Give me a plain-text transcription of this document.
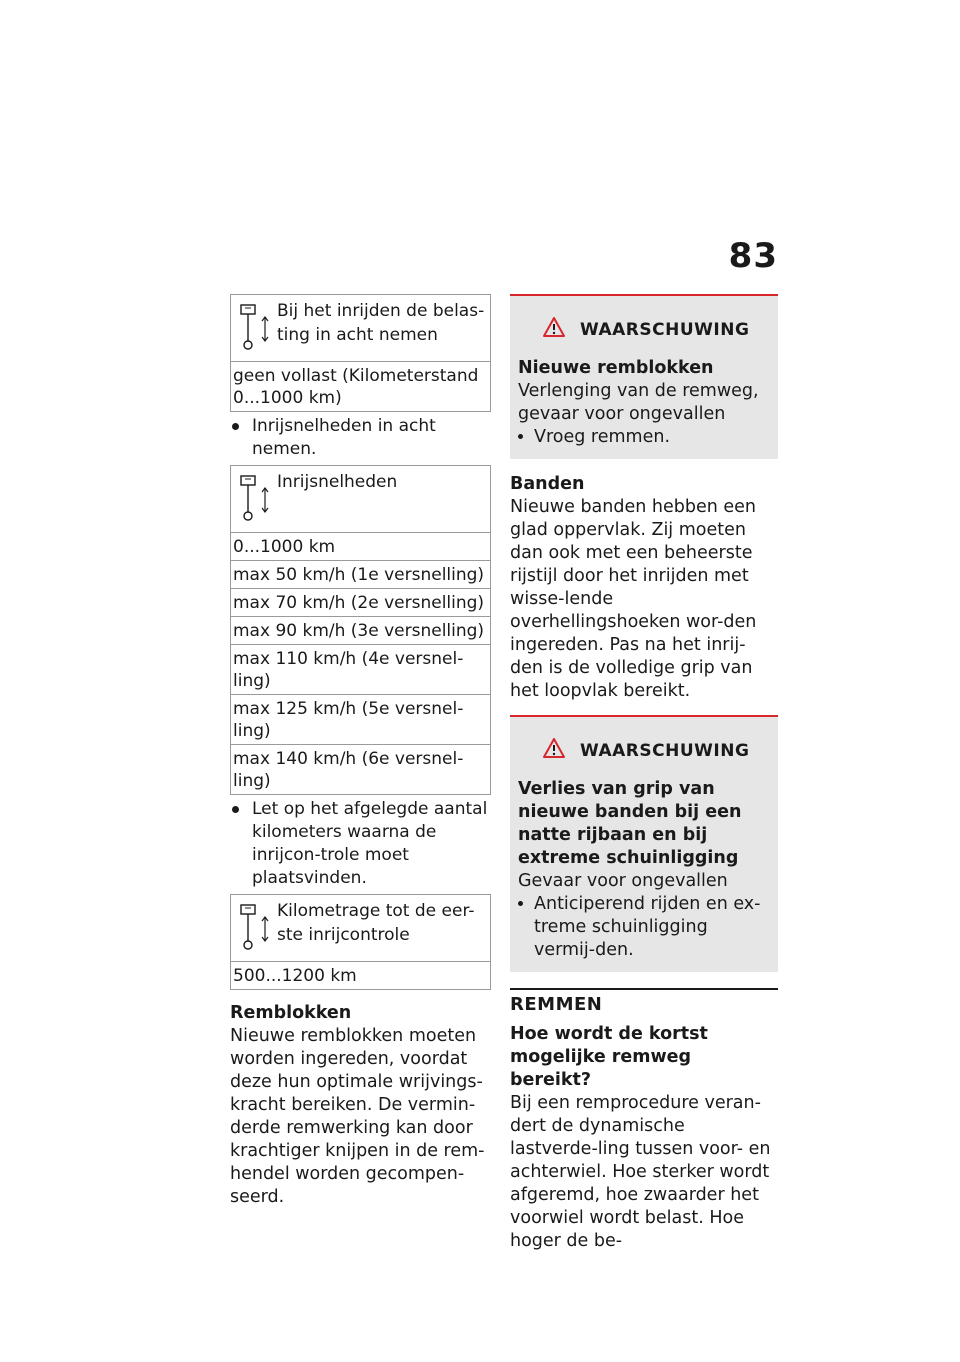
83
Bij het inrijden de belas-ting in acht nemen
geen vollast (Kilometerstand 0...1000 km)
Inrijsnelheden in acht nemen.
Inrijsnelheden
0...1000 km
max 50 km/h (1e versnelling)
max 70 km/h (2e versnelling)
max 90 km/h (3e versnelling)
max 110 km/h (4e versnel-ling)
max 125 km/h (5e versnel-ling)
max 140 km/h (6e versnel-ling)
Let op het afgelegde aantal kilometers waarna de inrijcon-trole moet plaatsvinden.
Kilometrage tot de eer-ste inrijcontrole
500...1200 km

Remblokken

Nieuwe remblokken moeten worden ingereden, voordat deze hun optimale wrijvings-kracht bereiken. De vermin-derde remwerking kan door krachtiger knijpen in de rem-hendel worden gecompen-seerd.

WAARSCHUWING

Nieuwe remblokken

Verlenging van de remweg, gevaar voor ongevallen

Vroeg remmen.

Banden

Nieuwe banden hebben een glad oppervlak. Zij moeten dan ook met een beheerste rijstijl door het inrijden met wisse-lende overhellingshoeken wor-den ingereden. Pas na het inrij-den is de volledige grip van het loopvlak bereikt.

WAARSCHUWING

Verlies van grip van nieuwe banden bij een natte rijbaan en bij extreme schuinligging

Gevaar voor ongevallen

Anticiperend rijden en ex-treme schuinligging vermij-den.
REMMEN

Hoe wordt de kortst mogelijke remweg bereikt?

Bij een remprocedure veran-dert de dynamische lastverde-ling tussen voor- en achterwiel. Hoe sterker wordt afgeremd, hoe zwaarder het voorwiel wordt belast. Hoe hoger de be-
